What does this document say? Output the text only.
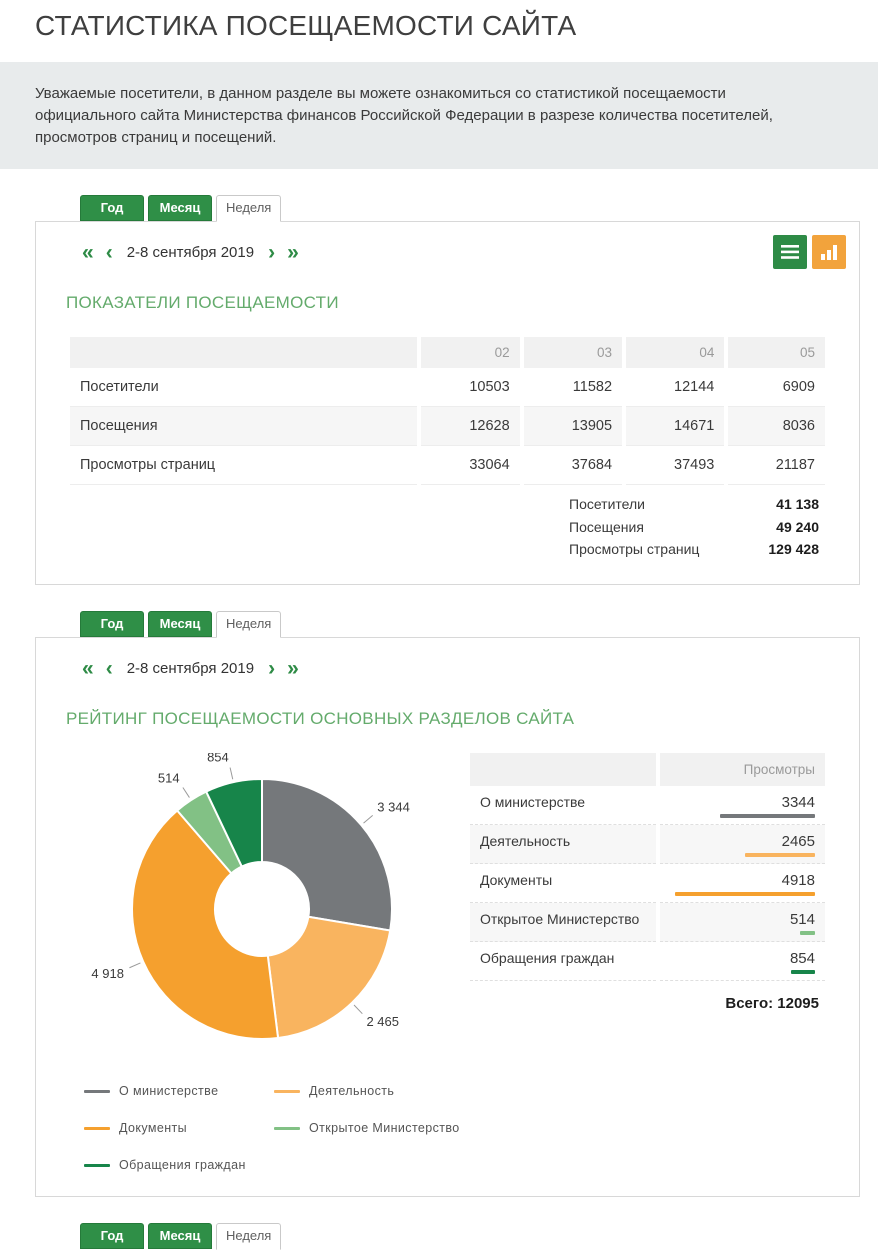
СТАТИСТИКА ПОСЕЩАЕМОСТИ САЙТА
Уважаемые посетители, в данном разделе вы можете ознакомиться со статистикой посещаемости официального сайта Министерства финансов Российской Федерации в разрезе количества посетителей, просмотров страниц и посещений.
Год	Месяц	Неделя
« ‹ 2-8 сентября 2019 › »
ПОКАЗАТЕЛИ ПОСЕЩАЕМОСТИ
	02	03	04	05
Посетители	10503	11582	12144	6909
Посещения	12628	13905	14671	8036
Просмотры страниц	33064	37684	37493	21187
Посетители	41 138
Посещения	49 240
Просмотры страниц	129 428
Год	Месяц	Неделя
« ‹ 2-8 сентября 2019 › »
РЕЙТИНГ ПОСЕЩАЕМОСТИ ОСНОВНЫХ РАЗДЕЛОВ САЙТА
3 344
2 465
4 918
514
854
О министерстве	Деятельность
Документы	Открытое Министерство
Обращения граждан
	Просмотры
О министерстве	3344

Деятельность	2465

Документы	4918

Открытое Министерство	514

Обращения граждан	854
Всего: 12095
Год	Месяц	Неделя
